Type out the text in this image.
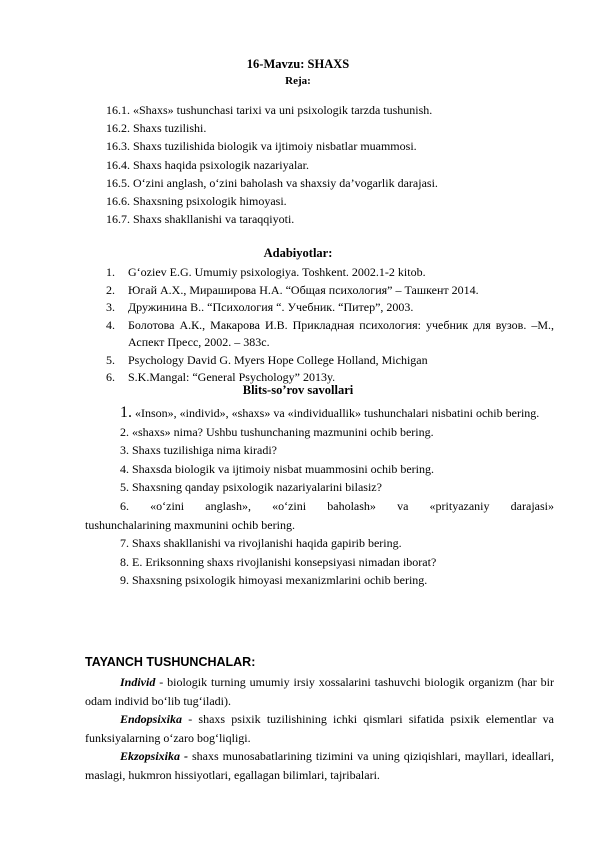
16-Mavzu: SHAXS
Reja:
16.1. «Shaxs» tushunchasi tarixi va uni psixologik tarzda tushunish.
16.2. Shaxs tuzilishi.
16.3. Shaxs tuzilishida biologik va ijtimoiy nisbatlar muammosi.
16.4. Shaxs haqida psixologik nazariyalar.
16.5. O‘zini anglash, o‘zini baholash va shaxsiy da’vogarlik darajasi.
16.6. Shaxsning psixologik himoyasi.
16.7. Shaxs shakllanishi va taraqqiyoti.
Adabiyotlar:
1.	G‘oziev E.G. Umumiy psixologiya. Toshkent. 2002.1-2 kitob.
2.	Югай А.Х., Мираширова Н.А. “Общая психология” – Ташкент 2014.
3.	Дружинина В.. “Психология “. Учебник. “Питер”, 2003.
4.	Болотова А.К., Макарова И.В. Прикладная психология: учебник для вузов. –М., Аспект Пресс, 2002. – 383с.
5.	Psychology David G. Myers Hope College Holland, Michigan
6.	S.K.Mangal: “General Psychology” 2013y.
Blits-so’rov savollari

1. «Inson», «individ», «shaxs» va «individuallik» tushunchalari nisbatini ochib bering.

2. «shaxs» nima? Ushbu tushunchaning mazmunini ochib bering.

3. Shaxs tuzilishiga nima kiradi?

4. Shaxsda biologik va ijtimoiy nisbat muammosini ochib bering.

5. Shaxsning qanday psixologik nazariyalarini bilasiz?

6. «o‘zini anglash», «o‘zini baholash» va «prityazaniy darajasi»

tushunchalarining maxmunini ochib bering.

7. Shaxs shakllanishi va rivojlanishi haqida gapirib bering.

8. E. Eriksonning shaxs rivojlanishi konsepsiyasi nimadan iborat?

9. Shaxsning psixologik himoyasi mexanizmlarini ochib bering.

TAYANCH TUSHUNCHALAR:

Individ - biologik turning umumiy irsiy xossalarini tashuvchi biologik organizm (har bir odam individ bo‘lib tug‘iladi).

Endopsixika - shaxs psixik tuzilishining ichki qismlari sifatida psixik elementlar va funksiyalarning o‘zaro bog‘liqligi.

Ekzopsixika - shaxs munosabatlarining tizimini va uning qiziqishlari, mayllari, ideallari, maslagi, hukmron hissiyotlari, egallagan bilimlari, tajribalari.
